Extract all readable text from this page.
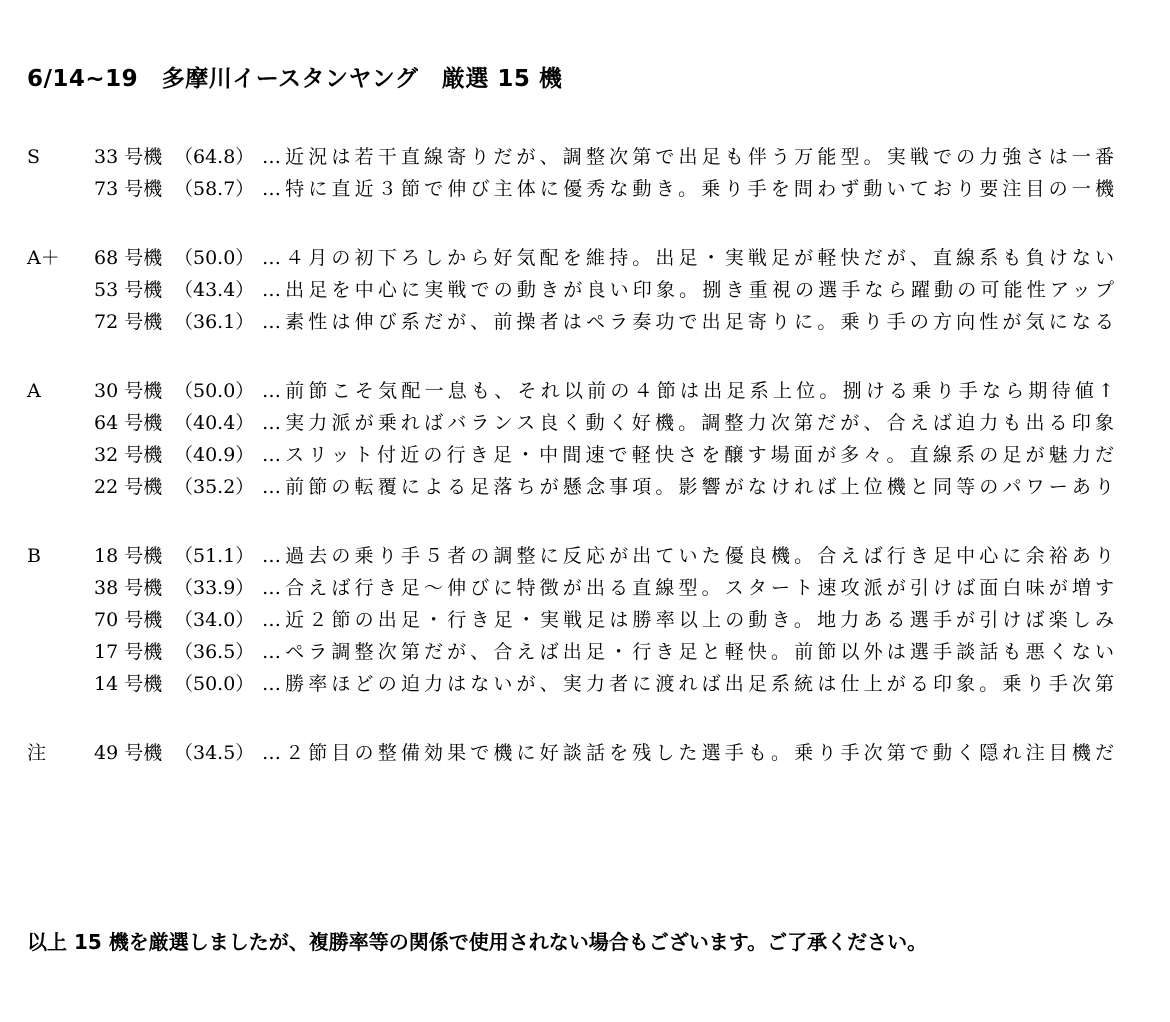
6/14~19　多摩川イースタンヤング　厳選 15 機
S	33 号機 （64.8） …近況は若干直線寄りだが、調整次第で出足も伴う万能型。実戦での力強さは一番
73 号機 （58.7） …特に直近３節で伸び主体に優秀な動き。乗り手を問わず動いており要注目の一機
A＋ 68 号機 （50.0） …４月の初下ろしから好気配を維持。出足・実戦足が軽快だが、直線系も負けない
53 号機 （43.4） …出足を中心に実戦での動きが良い印象。捌き重視の選手なら躍動の可能性アップ
72 号機 （36.1） …素性は伸び系だが、前操者はペラ奏功で出足寄りに。乗り手の方向性が気になる
A	30 号機 （50.0） …前節こそ気配一息も、それ以前の４節は出足系上位。捌ける乗り手なら期待値↑
64 号機 （40.4） …実力派が乗ればバランス良く動く好機。調整力次第だが、合えば迫力も出る印象
32 号機 （40.9） …スリット付近の行き足・中間速で軽快さを醸す場面が多々。直線系の足が魅力だ
22 号機 （35.2） …前節の転覆による足落ちが懸念事項。影響がなければ上位機と同等のパワーあり
B	18 号機 （51.1） …過去の乗り手５者の調整に反応が出ていた優良機。合えば行き足中心に余裕あり
38 号機 （33.9） …合えば行き足～伸びに特徴が出る直線型。スタート速攻派が引けば面白味が増す
70 号機 （34.0） …近２節の出足・行き足・実戦足は勝率以上の動き。地力ある選手が引けば楽しみ
17 号機 （36.5） …ペラ調整次第だが、合えば出足・行き足と軽快。前節以外は選手談話も悪くない
14 号機 （50.0） …勝率ほどの迫力はないが、実力者に渡れば出足系統は仕上がる印象。乗り手次第
注	49 号機 （34.5） …２節目の整備効果で機に好談話を残した選手も。乗り手次第で動く隠れ注目機だ
以上 15 機を厳選しましたが、複勝率等の関係で使用されない場合もございます。ご了承ください。
